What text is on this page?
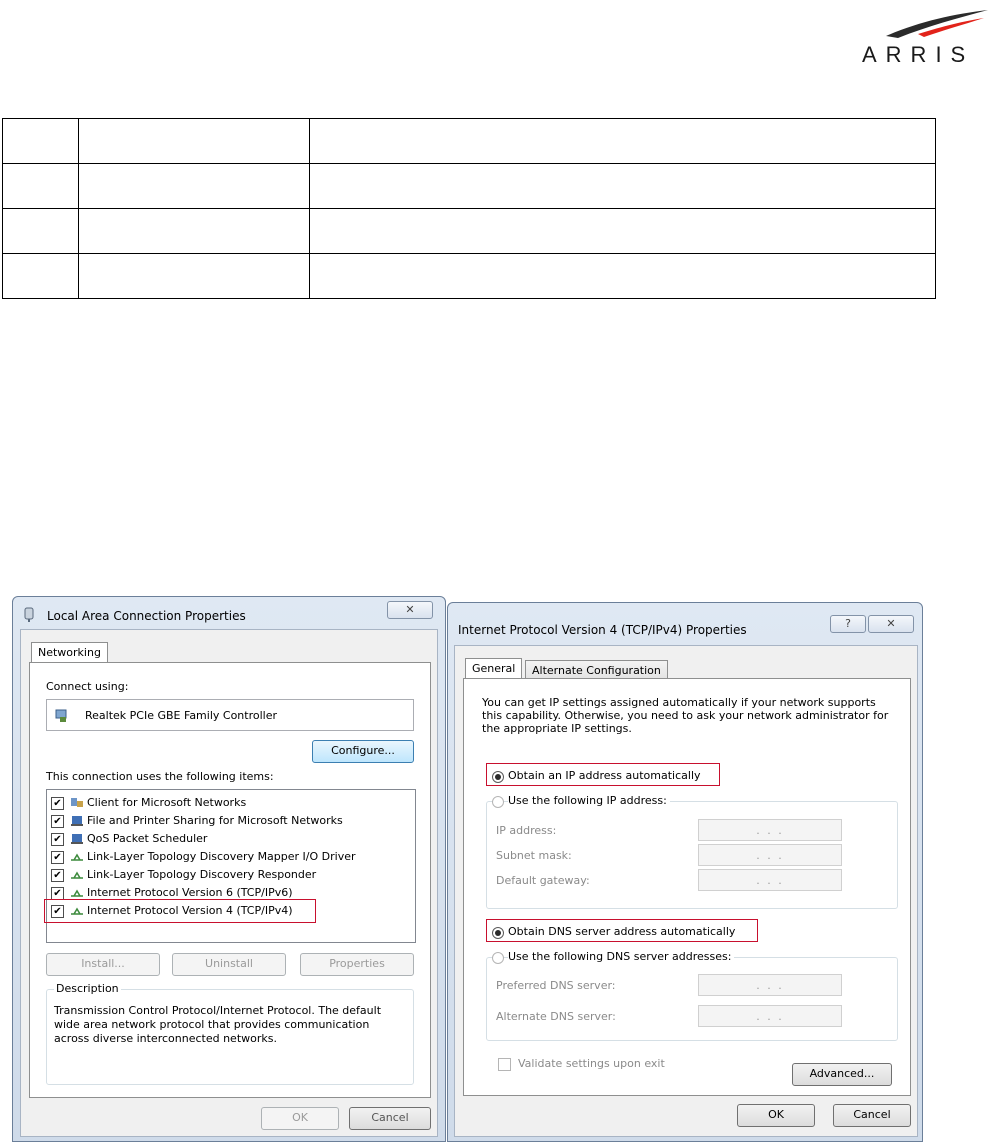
ARRIS

Local Area Connection Properties	✕
Networking
Connect using:
Realtek PCIe GBE Family Controller
Configure...
This connection uses the following items:
✔ Client for Microsoft Networks
✔ File and Printer Sharing for Microsoft Networks
✔ QoS Packet Scheduler
✔ Link-Layer Topology Discovery Mapper I/O Driver
✔ Link-Layer Topology Discovery Responder
✔ Internet Protocol Version 6 (TCP/IPv6)
✔ Internet Protocol Version 4 (TCP/IPv4)
Install...	Uninstall	Properties
Description
Transmission Control Protocol/Internet Protocol. The default wide area network protocol that provides communication across diverse interconnected networks.
OK	Cancel
Internet Protocol Version 4 (TCP/IPv4) Properties	?	✕
General	Alternate Configuration
You can get IP settings assigned automatically if your network supports this capability. Otherwise, you need to ask your network administrator for the appropriate IP settings.
Obtain an IP address automatically
Use the following IP address:
IP address:	. . .
Subnet mask:	. . .
Default gateway:	. . .
Obtain DNS server address automatically
Use the following DNS server addresses:
Preferred DNS server:	. . .
Alternate DNS server:	. . .
Validate settings upon exit
Advanced...
OK	Cancel
